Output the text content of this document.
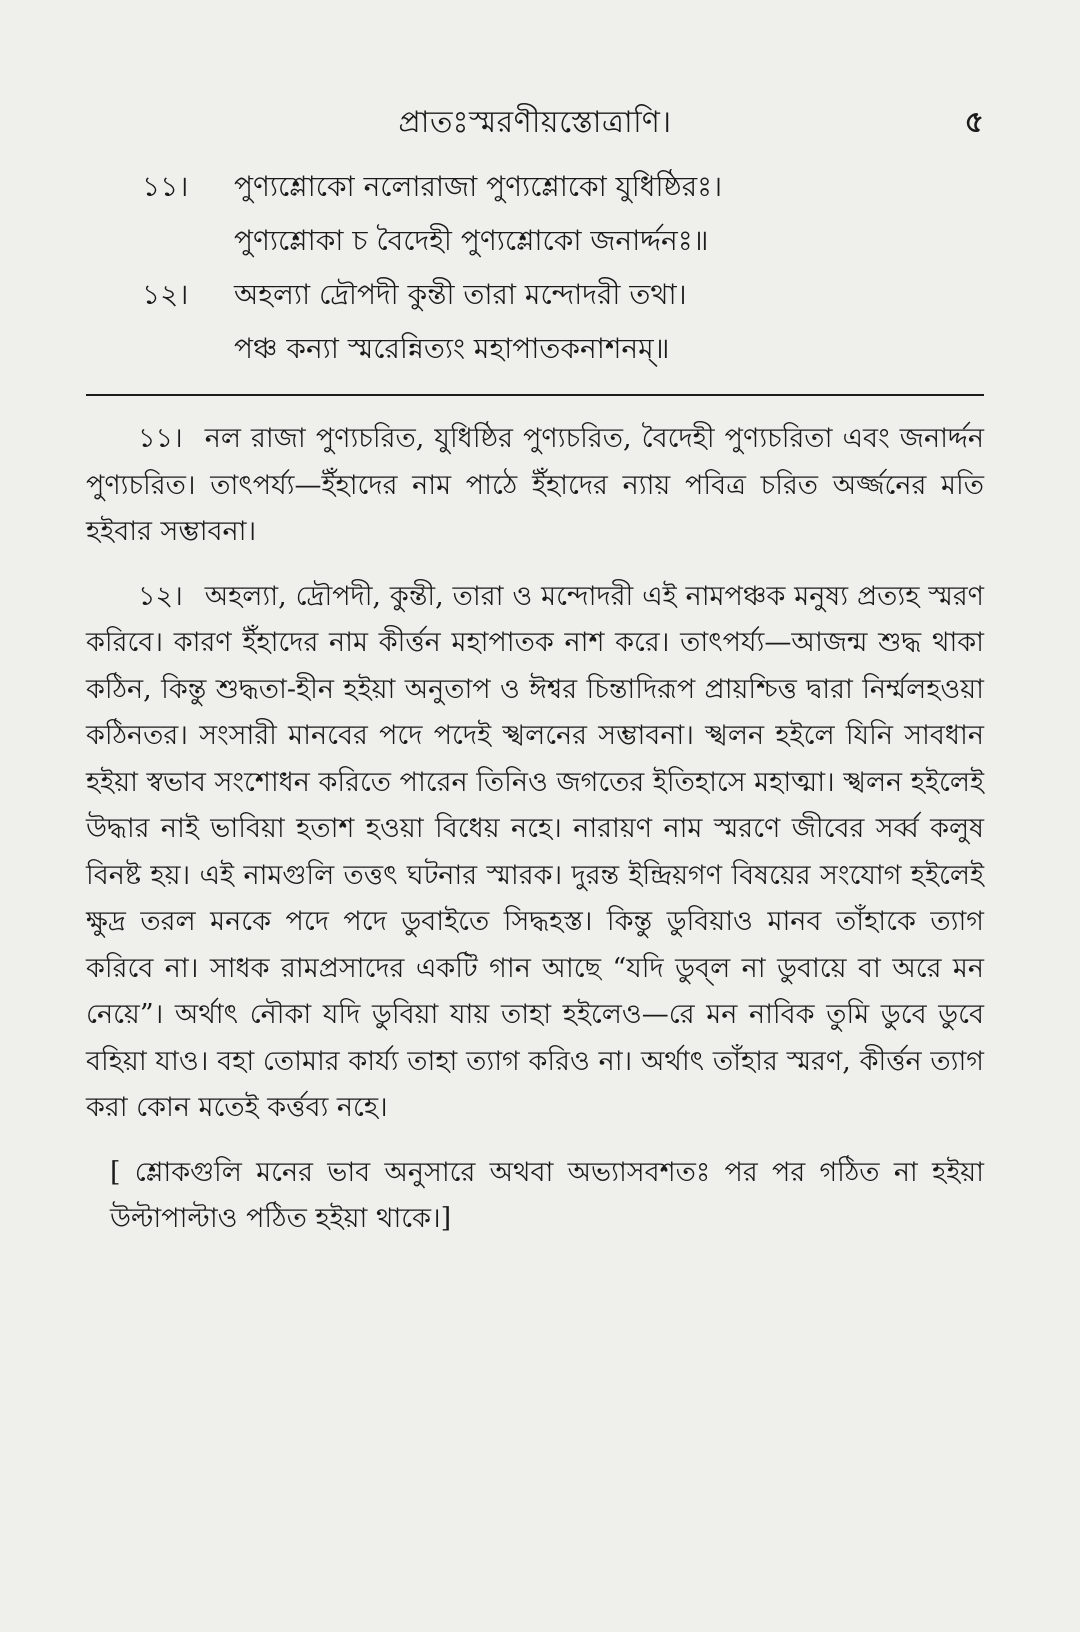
প্রাতঃস্মরণীয়স্তোত্রাণি।	৫
১১।	পুণ্যশ্লোকো নলোরাজা পুণ্যশ্লোকো যুধিষ্ঠিরঃ।
পুণ্যশ্লোকা চ বৈদেহী পুণ্যশ্লোকো জনার্দ্দনঃ॥
১২।	অহল্যা দ্রৌপদী কুন্তী তারা মন্দোদরী তথা।
পঞ্চ কন্যা স্মরেন্নিত্যং মহাপাতকনাশনম্॥

১১। নল রাজা পুণ্যচরিত, যুধিষ্ঠির পুণ্যচরিত, বৈদেহী পুণ্যচরিতা এবং জনার্দ্দন পুণ্যচরিত। তাৎপর্য্য—ইঁহাদের নাম পাঠে ইঁহাদের ন্যায় পবিত্র চরিত অর্জ্জনের মতি হইবার সম্ভাবনা।

১২। অহল্যা, দ্রৌপদী, কুন্তী, তারা ও মন্দোদরী এই নামপঞ্চক মনুষ্য প্রত্যহ স্মরণ করিবে। কারণ ইঁহাদের নাম কীর্ত্তন মহাপাতক নাশ করে। তাৎপর্য্য—আজন্ম শুদ্ধ থাকা কঠিন, কিন্তু শুদ্ধতা-হীন হইয়া অনুতাপ ও ঈশ্বর চিন্তাদিরূপ প্রায়শ্চিত্ত দ্বারা নির্ম্মলহওয়া কঠিনতর। সংসারী মানবের পদে পদেই স্খলনের সম্ভাবনা। স্খলন হইলে যিনি সাবধান হইয়া স্বভাব সংশোধন করিতে পারেন তিনিও জগতের ইতিহাসে মহাত্মা। স্খলন হইলেই উদ্ধার নাই ভাবিয়া হতাশ হওয়া বিধেয় নহে। নারায়ণ নাম স্মরণে জীবের সর্ব্ব কলুষ বিনষ্ট হয়। এই নামগুলি তত্তৎ ঘটনার স্মারক। দুরন্ত ইন্দ্রিয়গণ বিষয়ের সংযোগ হইলেই ক্ষুদ্র তরল মনকে পদে পদে ডুবাইতে সিদ্ধহস্ত। কিন্তু ডুবিয়াও মানব তাঁহাকে ত্যাগ করিবে না। সাধক রামপ্রসাদের একটি গান আছে “যদি ডুব্‌ল না ডুবায়ে বা অরে মন নেয়ে”। অর্থাৎ নৌকা যদি ডুবিয়া যায় তাহা হইলেও—রে মন নাবিক তুমি ডুবে ডুবে বহিয়া যাও। বহা তোমার কার্য্য তাহা ত্যাগ করিও না। অর্থাৎ তাঁহার স্মরণ, কীর্ত্তন ত্যাগ করা কোন মতেই কর্ত্তব্য নহে।

[ শ্লোকগুলি মনের ভাব অনুসারে অথবা অভ্যাসবশতঃ পর পর গঠিত না হইয়া উল্টাপাল্টাও পঠিত হইয়া থাকে।]
